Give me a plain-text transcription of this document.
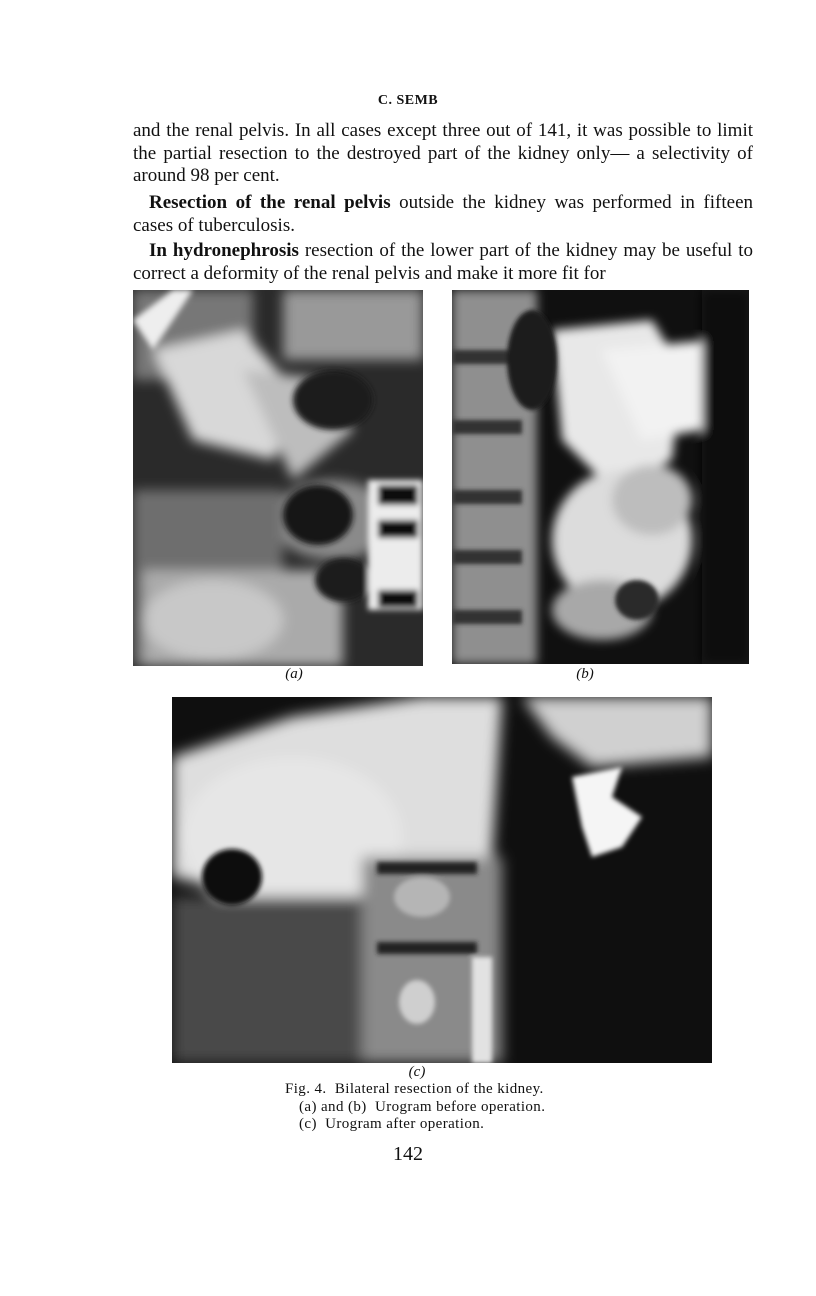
C. SEMB
and the renal pelvis. In all cases except three out of 141, it was possible to limit the partial resection to the destroyed part of the kidney only— a selectivity of around 98 per cent.
Resection of the renal pelvis outside the kidney was performed in fifteen cases of tuberculosis.
In hydronephrosis resection of the lower part of the kidney may be useful to correct a deformity of the renal pelvis and make it more fit for
(a)	(b)
(c)
Fig. 4.  Bilateral resection of the kidney.
(a) and (b)  Urogram before operation.
(c)  Urogram after operation.
142
